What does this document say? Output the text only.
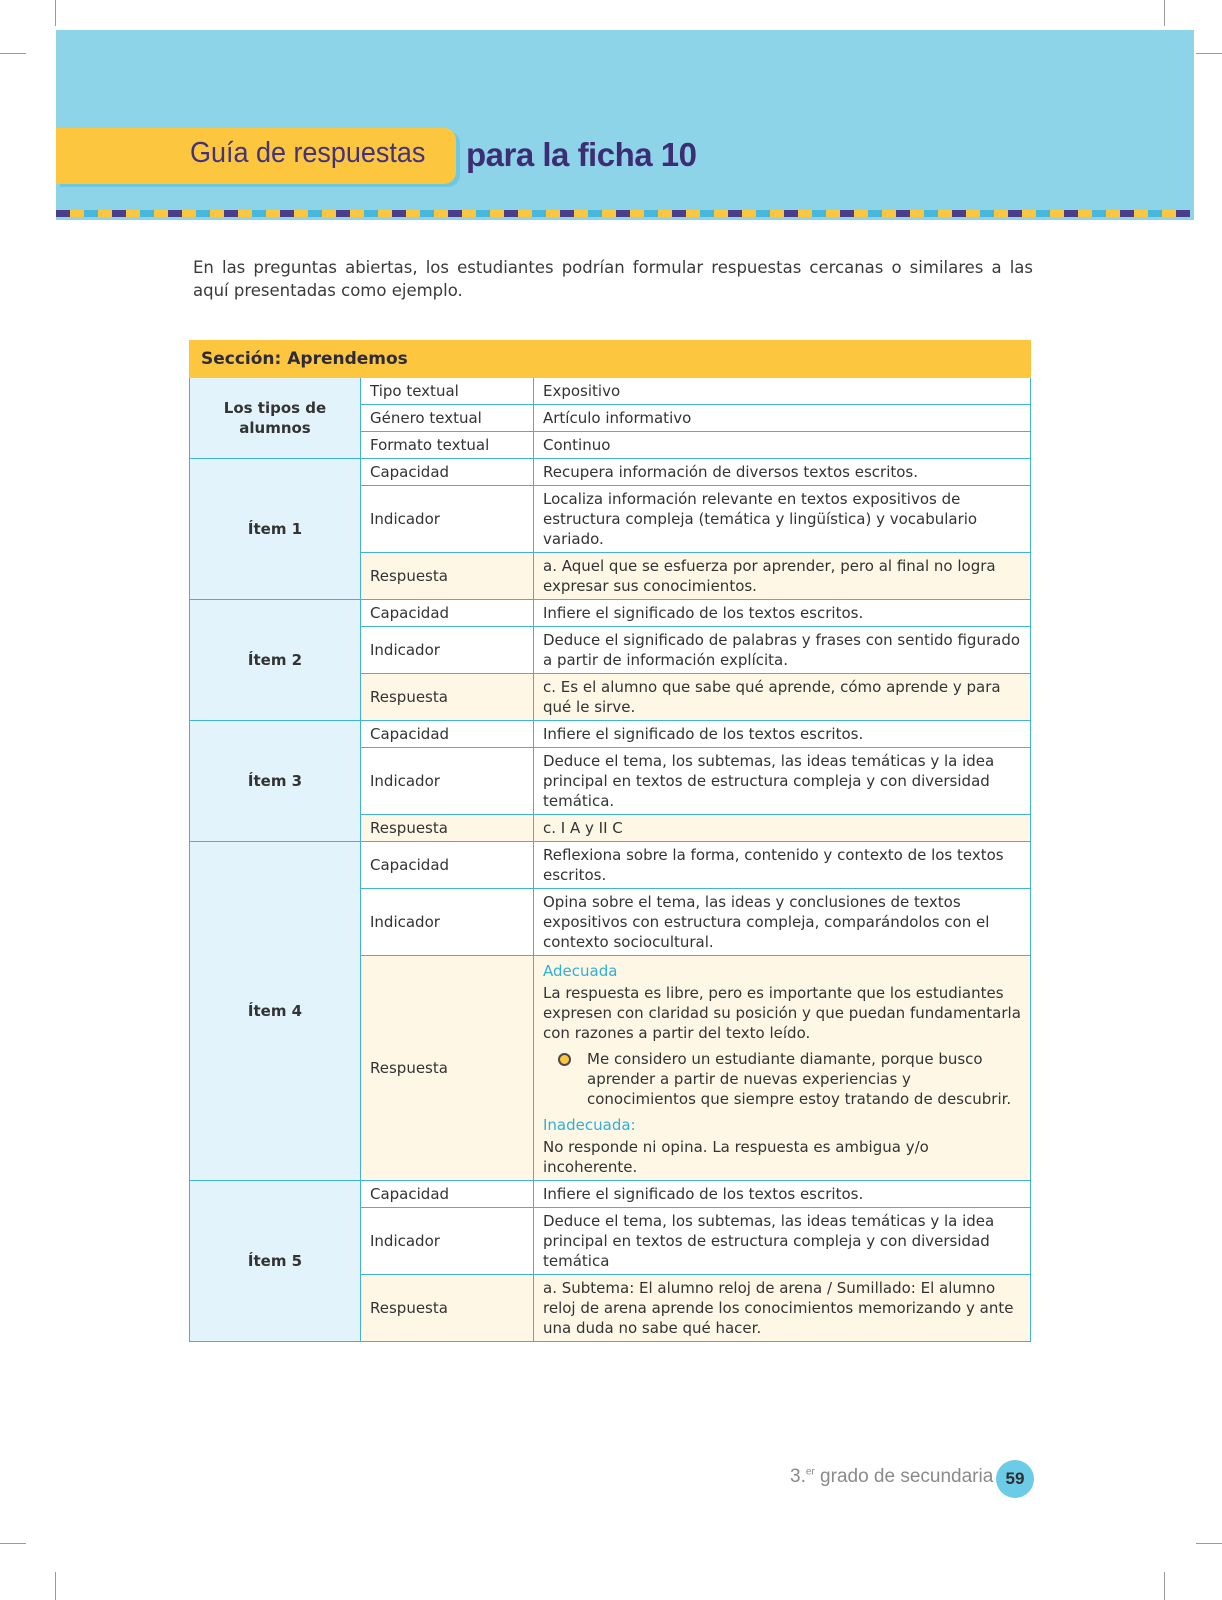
Guía de respuestas para la ficha 10
En las preguntas abiertas, los estudiantes podrían formular respuestas cercanas o similares a las aquí presentadas como ejemplo.
Sección: Aprendemos		
Los tipos de alumnos	Tipo textual	Expositivo
	Género textual	Artículo informativo
	Formato textual	Continuo
Ítem 1	Capacidad	Recupera información de diversos textos escritos.
	Indicador	Localiza información relevante en textos expositivos de estructura compleja (temática y lingüística) y vocabulario variado.
	Respuesta	a. Aquel que se esfuerza por aprender, pero al final no logra expresar sus conocimientos.
Ítem 2	Capacidad	Infiere el significado de los textos escritos.
	Indicador	Deduce el significado de palabras y frases con sentido figurado a partir de información explícita.
	Respuesta	c. Es el alumno que sabe qué aprende, cómo aprende y para qué le sirve.
Ítem 3	Capacidad	Infiere el significado de los textos escritos.
	Indicador	Deduce el tema, los subtemas, las ideas temáticas y la idea principal en textos de estructura compleja y con diversidad temática.
	Respuesta	c. I A y II C
Ítem 4	Capacidad	Reflexiona sobre la forma, contenido y contexto de los textos escritos.
	Indicador	Opina sobre el tema, las ideas y conclusiones de textos expositivos con estructura compleja, comparándolos con el contexto sociocultural.
	Respuesta	Adecuada
La respuesta es libre, pero es importante que los estudiantes expresen con claridad su posición y que puedan fundamentarla con razones a partir del texto leído.
Me considero un estudiante diamante, porque busco aprender a partir de nuevas experiencias y conocimientos que siempre estoy tratando de descubrir.
Inadecuada:
No responde ni opina. La respuesta es ambigua y/o incoherente.

Ítem 5	Capacidad	Infiere el significado de los textos escritos.
	Indicador	Deduce el tema, los subtemas, las ideas temáticas y la idea principal en textos de estructura compleja y con diversidad temática
	Respuesta	a. Subtema: El alumno reloj de arena / Sumillado: El alumno reloj de arena aprende los conocimientos memorizando y ante una duda no sabe qué hacer.
3.$^{er}$ grado de secundaria 59
